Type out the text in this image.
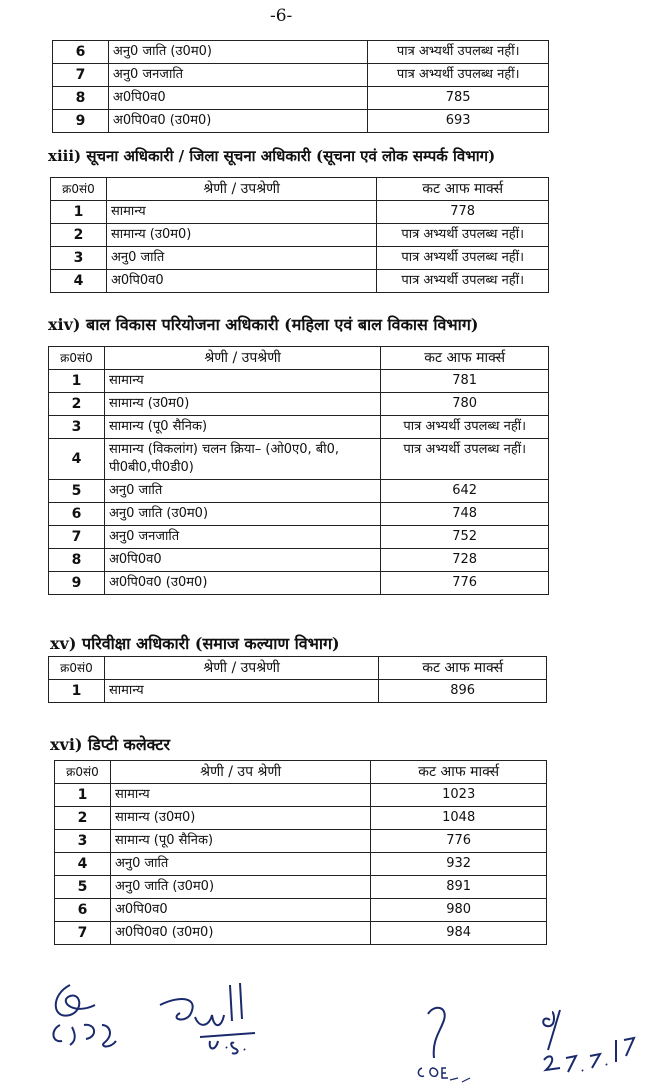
-6-
6	अनु0 जाति (उ0म0)	पात्र अभ्यर्थी उपलब्ध नहीं।
7	अनु0 जनजाति	पात्र अभ्यर्थी उपलब्ध नहीं।
8	अ0पि0व0	785
9	अ0पि0व0 (उ0म0)	693
xiii) सूचना अधिकारी / जिला सूचना अधिकारी (सूचना एवं लोक सम्पर्क विभाग)
क्र0सं0	श्रेणी / उपश्रेणी	कट आफ मार्क्स
1	सामान्य	778
2	सामान्य (उ0म0)	पात्र अभ्यर्थी उपलब्ध नहीं।
3	अनु0 जाति	पात्र अभ्यर्थी उपलब्ध नहीं।
4	अ0पि0व0	पात्र अभ्यर्थी उपलब्ध नहीं।
xiv) बाल विकास परियोजना अधिकारी (महिला एवं बाल विकास विभाग)
क्र0सं0	श्रेणी / उपश्रेणी	कट आफ मार्क्स
1	सामान्य	781
2	सामान्य (उ0म0)	780
3	सामान्य (पू0 सैनिक)	पात्र अभ्यर्थी उपलब्ध नहीं।
4	सामान्य (विकलांग) चलन क्रिया– (ओ0ए0, बी0, पी0बी0,पी0डी0)	पात्र अभ्यर्थी उपलब्ध नहीं।
5	अनु0 जाति	642
6	अनु0 जाति (उ0म0)	748
7	अनु0 जनजाति	752
8	अ0पि0व0	728
9	अ0पि0व0 (उ0म0)	776
xv) परिवीक्षा अधिकारी (समाज कल्याण विभाग)
क्र0सं0	श्रेणी / उपश्रेणी	कट आफ मार्क्स
1	सामान्य	896
xvi) डिप्टी कलेक्टर
क्र0सं0	श्रेणी / उप श्रेणी	कट आफ मार्क्स
1	सामान्य	1023
2	सामान्य (उ0म0)	1048
3	सामान्य (पू0 सैनिक)	776
4	अनु0 जाति	932
5	अनु0 जाति (उ0म0)	891
6	अ0पि0व0	980
7	अ0पि0व0 (उ0म0)	984
